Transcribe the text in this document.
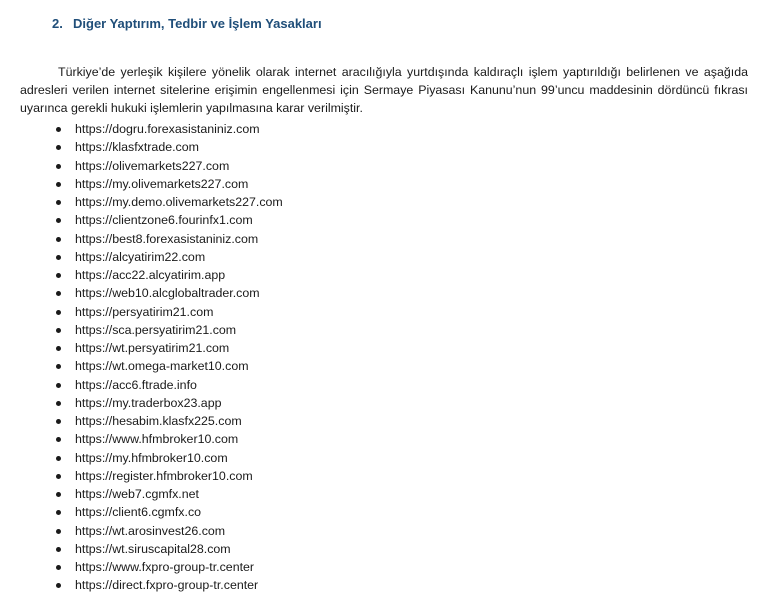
2. Diğer Yaptırım, Tedbir ve İşlem Yasakları

Türkiye’de yerleşik kişilere yönelik olarak internet aracılığıyla yurtdışında kaldıraçlı işlem yaptırıldığı belirlenen ve aşağıda adresleri verilen internet sitelerine erişimin engellenmesi için Sermaye Piyasası Kanunu’nun 99’uncu maddesinin dördüncü fıkrası uyarınca gerekli hukuki işlemlerin yapılmasına karar verilmiştir.

https://dogru.forexasistaniniz.com
https://klasfxtrade.com
https://olivemarkets227.com
https://my.olivemarkets227.com
https://my.demo.olivemarkets227.com
https://clientzone6.fourinfx1.com
https://best8.forexasistaniniz.com
https://alcyatirim22.com
https://acc22.alcyatirim.app
https://web10.alcglobaltrader.com
https://persyatirim21.com
https://sca.persyatirim21.com
https://wt.persyatirim21.com
https://wt.omega-market10.com
https://acc6.ftrade.info
https://my.traderbox23.app
https://hesabim.klasfx225.com
https://www.hfmbroker10.com
https://my.hfmbroker10.com
https://register.hfmbroker10.com
https://web7.cgmfx.net
https://client6.cgmfx.co
https://wt.arosinvest26.com
https://wt.siruscapital28.com
https://www.fxpro-group-tr.center
https://direct.fxpro-group-tr.center
